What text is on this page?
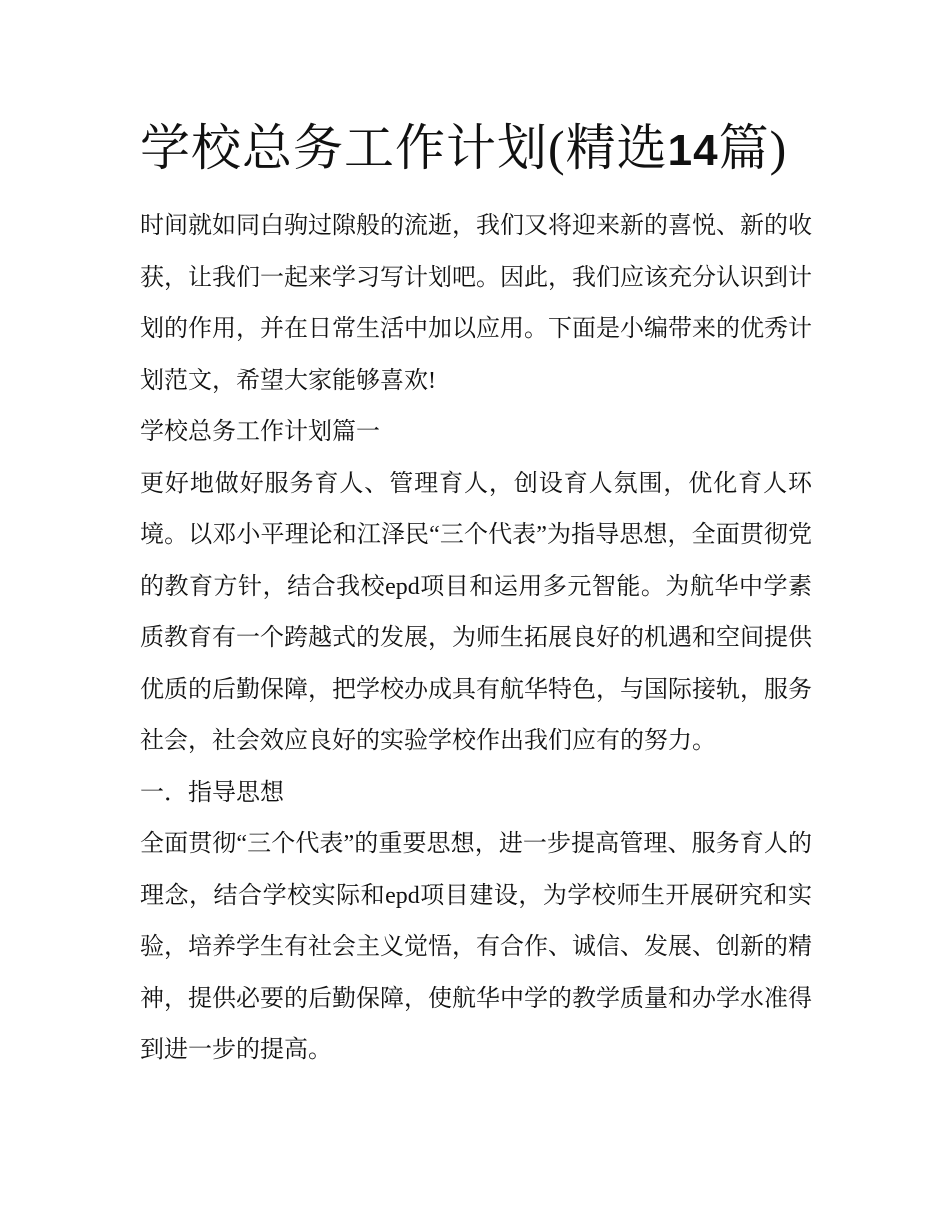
学校总务工作计划(精选14篇)

时间就如同白驹过隙般的流逝，我们又将迎来新的喜悦、新的收获，让我们一起来学习写计划吧。因此，我们应该充分认识到计划的作用，并在日常生活中加以应用。下面是小编带来的优秀计划范文，希望大家能够喜欢!

学校总务工作计划篇一

更好地做好服务育人、管理育人，创设育人氛围，优化育人环境。以邓小平理论和江泽民“三个代表”为指导思想，全面贯彻党的教育方针，结合我校epd项目和运用多元智能。为航华中学素质教育有一个跨越式的发展，为师生拓展良好的机遇和空间提供优质的后勤保障，把学校办成具有航华特色，与国际接轨，服务社会，社会效应良好的实验学校作出我们应有的努力。

一．指导思想

全面贯彻“三个代表”的重要思想，进一步提高管理、服务育人的理念，结合学校实际和epd项目建设，为学校师生开展研究和实验，培养学生有社会主义觉悟，有合作、诚信、发展、创新的精神，提供必要的后勤保障，使航华中学的教学质量和办学水准得到进一步的提高。
